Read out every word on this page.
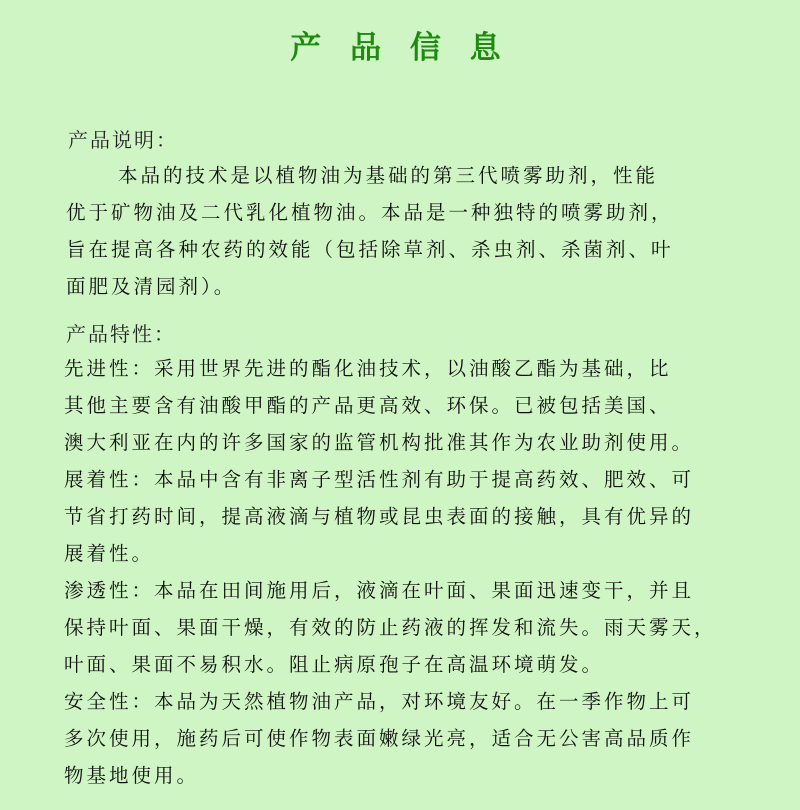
产 品 信 息
产品说明：
本品的技术是以植物油为基础的第三代喷雾助剂，性能
优于矿物油及二代乳化植物油。本品是一种独特的喷雾助剂，
旨在提高各种农药的效能（包括除草剂、杀虫剂、杀菌剂、叶
面肥及清园剂）。
产品特性：
先进性：采用世界先进的酯化油技术，以油酸乙酯为基础，比
其他主要含有油酸甲酯的产品更高效、环保。已被包括美国、
澳大利亚在内的许多国家的监管机构批准其作为农业助剂使用。
展着性：本品中含有非离子型活性剂有助于提高药效、肥效、可
节省打药时间，提高液滴与植物或昆虫表面的接触，具有优异的
展着性。
渗透性：本品在田间施用后，液滴在叶面、果面迅速变干，并且
保持叶面、果面干燥，有效的防止药液的挥发和流失。雨天雾天，
叶面、果面不易积水。阻止病原孢子在高温环境萌发。
安全性：本品为天然植物油产品，对环境友好。在一季作物上可
多次使用，施药后可使作物表面嫩绿光亮，适合无公害高品质作
物基地使用。
